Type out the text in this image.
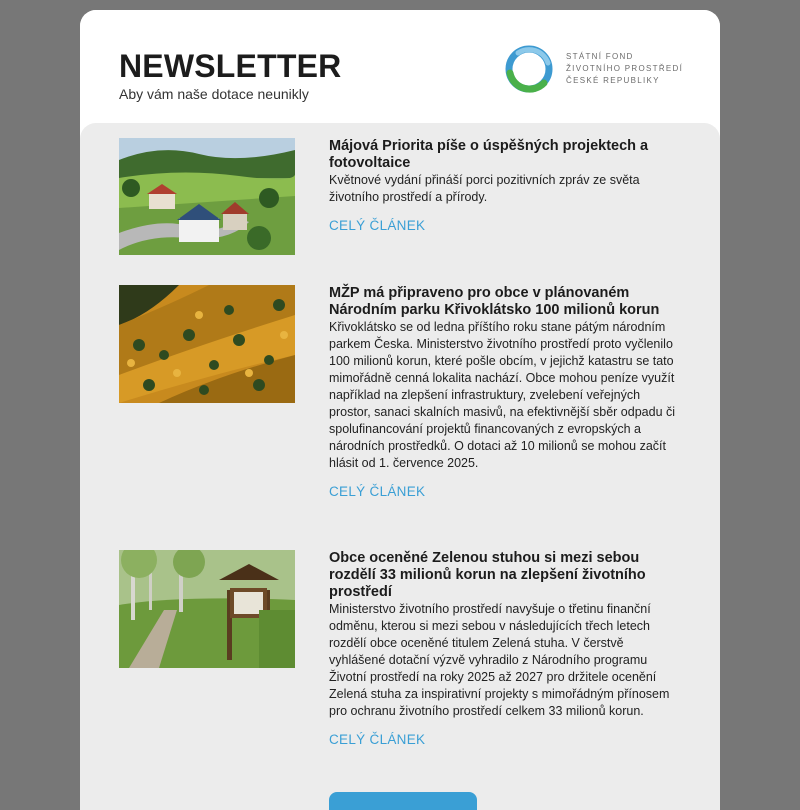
NEWSLETTER
Aby vám naše dotace neunikly
STÁTNÍ FOND
ŽIVOTNÍHO PROSTŘEDÍ
ČESKÉ REPUBLIKY
Májová Priorita píše o úspěšných projektech a fotovoltaice

Květnové vydání přináší porci pozitivních zpráv ze světa životního prostředí a přírody.

CELÝ ČLÁNEK
MŽP má připraveno pro obce v plánovaném Národním parku Křivoklátsko 100 milionů korun

Křivoklátsko se od ledna příštího roku stane pátým národním parkem Česka. Ministerstvo životního prostředí proto vyčlenilo 100 milionů korun, které pošle obcím, v jejichž katastru se tato mimořádně cenná lokalita nachází. Obce mohou peníze využít například na zlepšení infrastruktury, zvelebení veřejných prostor, sanaci skalních masivů, na efektivnější sběr odpadu či spolufinancování projektů financovaných z evropských a národních prostředků. O dotaci až 10 milionů se mohou začít hlásit od 1. července 2025.

CELÝ ČLÁNEK
Obce oceněné Zelenou stuhou si mezi sebou rozdělí 33 milionů korun na zlepšení životního prostředí

Ministerstvo životního prostředí navyšuje o třetinu finanční odměnu, kterou si mezi sebou v následujících třech letech rozdělí obce oceněné titulem Zelená stuha. V čerstvě vyhlášené dotační výzvě vyhradilo z Národního programu Životní prostředí na roky 2025 až 2027 pro držitele ocenění Zelená stuha za inspirativní projekty s mimořádným přínosem pro ochranu životního prostředí celkem 33 milionů korun.

CELÝ ČLÁNEK
